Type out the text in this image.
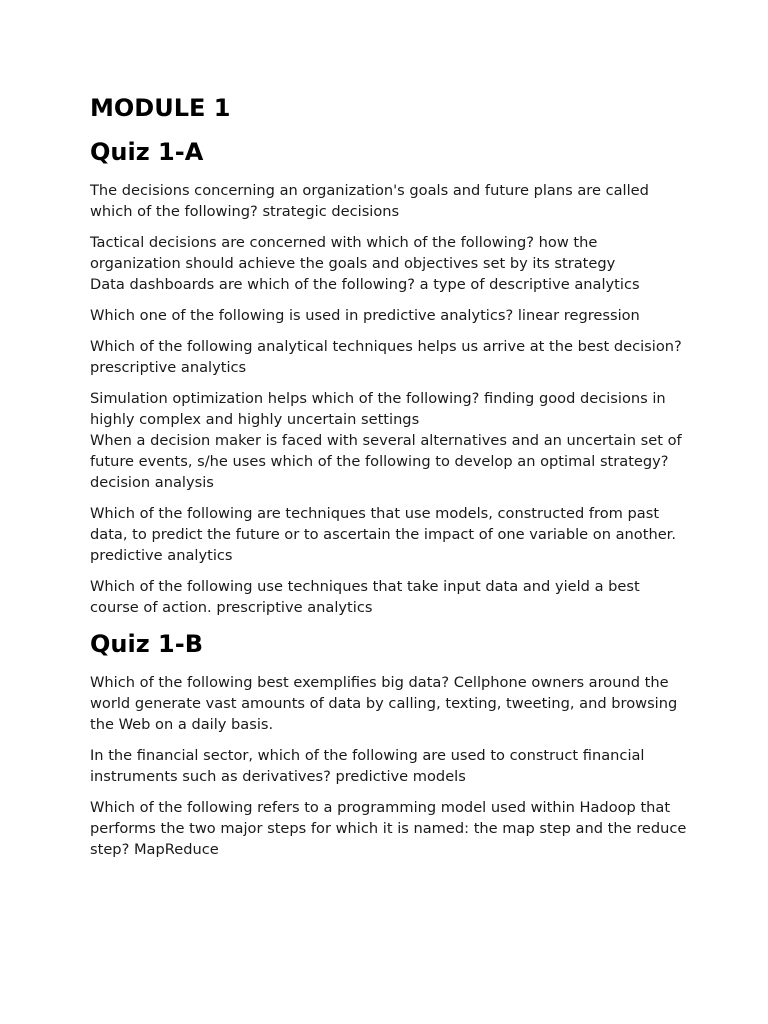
MODULE 1
Quiz 1-A

The decisions concerning an organization's goals and future plans are called which of the following? strategic decisions

Tactical decisions are concerned with which of the following? how the organization should achieve the goals and objectives set by its strategy

Data dashboards are which of the following? a type of descriptive analytics

Which one of the following is used in predictive analytics? linear regression

Which of the following analytical techniques helps us arrive at the best decision? prescriptive analytics

Simulation optimization helps which of the following? finding good decisions in highly complex and highly uncertain settings

When a decision maker is faced with several alternatives and an uncertain set of future events, s/he uses which of the following to develop an optimal strategy? decision analysis

Which of the following are techniques that use models, constructed from past data, to predict the future or to ascertain the impact of one variable on another. predictive analytics

Which of the following use techniques that take input data and yield a best course of action. prescriptive analytics

Quiz 1-B

Which of the following best exemplifies big data? Cellphone owners around the world generate vast amounts of data by calling, texting, tweeting, and browsing the Web on a daily basis.

In the financial sector, which of the following are used to construct financial instruments such as derivatives? predictive models

Which of the following refers to a programming model used within Hadoop that performs the two major steps for which it is named: the map step and the reduce step? MapReduce
